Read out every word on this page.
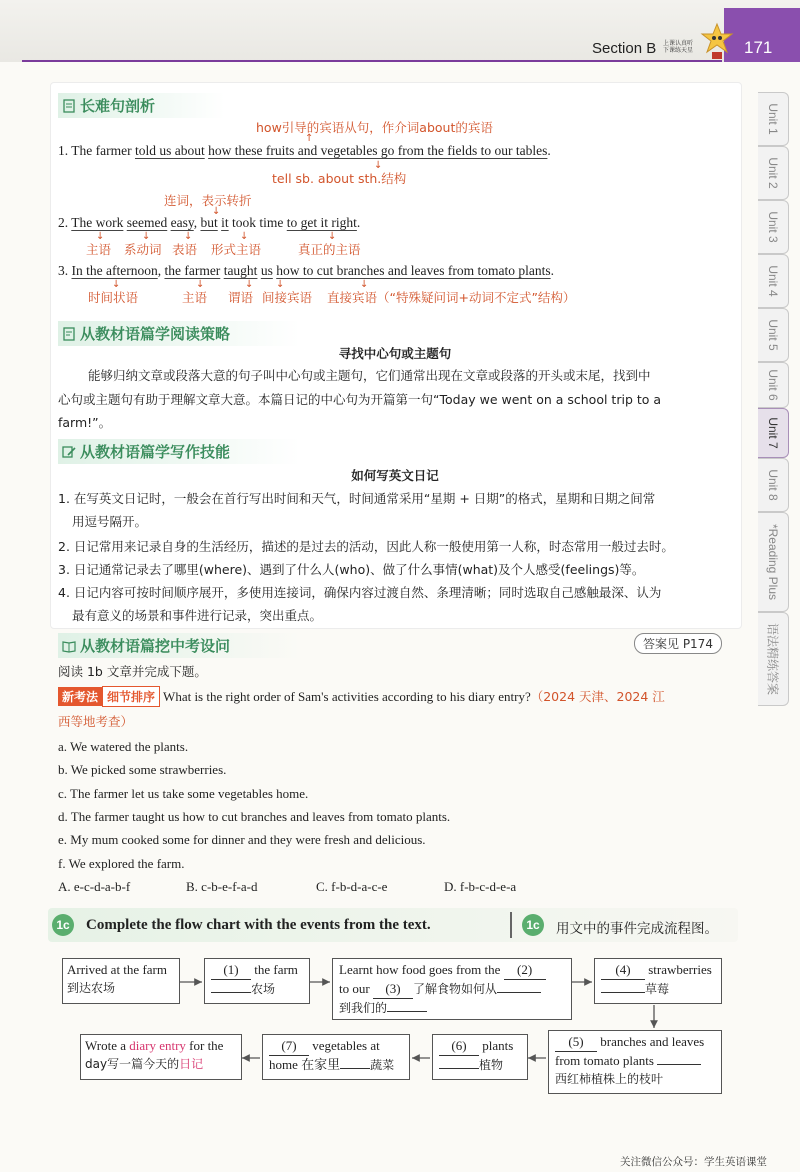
Section B 上课认真听
下课练天星	171
Unit 1
Unit 2
Unit 3
Unit 4
Unit 5
Unit 6
Unit 7
Unit 8
*Reading Plus
语法精练答案
长难句剖析
how引导的宾语从句，作介词about的宾语
↑
1. The farmer told us about how these fruits and vegetables go from the fields to our tables.
↓
tell sb. about sth.结构
连词，表示转折
↓
2. The work seemed easy, but it took time to get it right.
↓	↓	↓	↓	↓
主语 系动词 表语 形式主语	真正的主语
3. In the afternoon, the farmer taught us how to cut branches and leaves from tomato plants.
↓	↓	↓ ↓	↓
时间状语	主语 谓语 间接宾语 直接宾语（“特殊疑问词+动词不定式”结构）
从教材语篇学阅读策略
寻找中心句或主题句
能够归纳文章或段落大意的句子叫中心句或主题句，它们通常出现在文章或段落的开头或末尾，找到中
心句或主题句有助于理解文章大意。本篇日记的中心句为开篇第一句“Today we went on a school trip to a
farm!”。
从教材语篇学写作技能
如何写英文日记
1. 在写英文日记时，一般会在首行写出时间和天气，时间通常采用“星期 + 日期”的格式，星期和日期之间常
用逗号隔开。
2. 日记常用来记录自身的生活经历，描述的是过去的活动，因此人称一般使用第一人称，时态常用一般过去时。
3. 日记通常记录去了哪里(where)、遇到了什么人(who)、做了什么事情(what)及个人感受(feelings)等。
4. 日记内容可按时间顺序展开，多使用连接词，确保内容过渡自然、条理清晰；同时选取自己感触最深、认为
最有意义的场景和事件进行记录，突出重点。
从教材语篇挖中考设问	答案见 P174
阅读 1b 文章并完成下题。
新考法 细节排序 What is the right order of Sam's activities according to his diary entry?（2024 天津、2024 江
西等地考查）
a. We watered the plants.
b. We picked some strawberries.
c. The farmer let us take some vegetables home.
d. The farmer taught us how to cut branches and leaves from tomato plants.
e. My mum cooked some for dinner and they were fresh and delicious.
f. We explored the farm.
A. e-c-d-a-b-f	B. c-b-e-f-a-d	C. f-b-d-a-c-e	D. f-b-c-d-e-a
1c Complete the flow chart with the events from the text.	1c	用文中的事件完成流程图。
Arrived at the farm
到达农场
(1) the farm
农场
Learnt how food goes from the (2)
to our (3) 了解食物如何从
到我们的
(4) strawberries
草莓
(5) branches and leaves
from tomato plants
西红柿植株上的枝叶
(6) plants
植物
(7) vegetables at
home 在家里	蔬菜
Wrote a diary entry for the
day写一篇今天的日记
关注微信公众号：学生英语课堂
